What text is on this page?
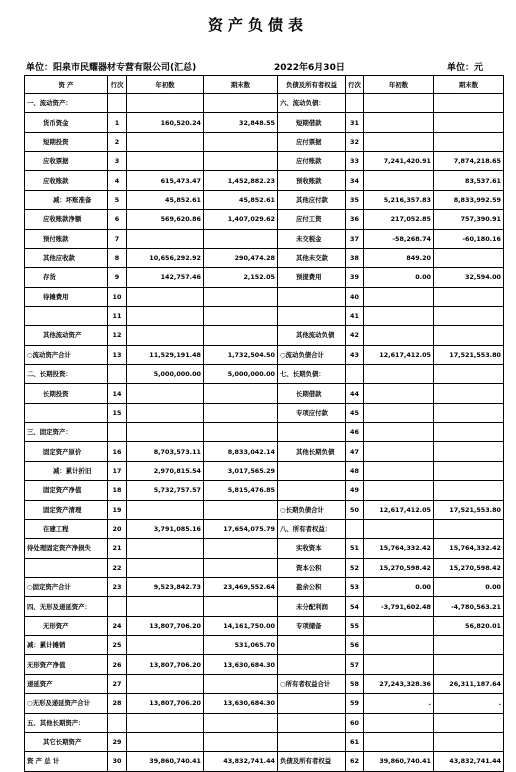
资产负债表
单位：阳泉市民耀器材专营有限公司(汇总)	2022年6月30日	单位：元
资 产	行次	年初数	期末数	负债及所有者权益	行次	年初数	期末数
一、流动资产：				六、流动负债：			
货币资金	1	160,520.24	32,848.55	短期借款	31		
短期投资	2			应付票据	32		
应收票据	3			应付账款	33	7,241,420.91	7,874,218.65
应收账款	4	615,473.47	1,452,882.23	预收账款	34		83,537.61
减：坏账准备	5	45,852.61	45,852.61	其他应付款	35	5,216,357.83	8,833,992.59
应收账款净额	6	569,620.86	1,407,029.62	应付工资	36	217,052.85	757,390.91
预付账款	7			未交税金	37	-58,268.74	-60,180.16
其他应收款	8	10,656,292.92	290,474.28	其他未交款	38	849.20	
存货	9	142,757.46	2,152.05	预提费用	39	0.00	32,594.00
待摊费用	10				40		
	11				41		
其他流动资产	12			其他流动负债	42		
○流动资产合计	13	11,529,191.48	1,732,504.50	○流动负债合计	43	12,617,412.05	17,521,553.80
二、长期投资：		5,000,000.00	5,000,000.00	七、长期负债：			
长期投资	14			长期借款	44		
	15			专项应付款	45		
三、固定资产：					46		
固定资产原价	16	8,703,573.11	8,833,042.14	其他长期负债	47		
减：累计折旧	17	2,970,815.54	3,017,565.29		48		
固定资产净值	18	5,732,757.57	5,815,476.85		49		
固定资产清理	19			○长期负债合计	50	12,617,412.05	17,521,553.80
在建工程	20	3,791,085.16	17,654,075.79	八、所有者权益：			
待处理固定资产净损失	21			实收资本	51	15,764,332.42	15,764,332.42
	22			资本公积	52	15,270,598.42	15,270,598.42
○固定资产合计	23	9,523,842.73	23,469,552.64	盈余公积	53	0.00	0.00
四、无形及递延资产：				未分配利润	54	-3,791,602.48	-4,780,563.21
无形资产	24	13,807,706.20	14,161,750.00	专项储备	55		56,820.01
减：累计摊销	25		531,065.70		56		
无形资产净值	26	13,807,706.20	13,630,684.30		57		
递延资产	27			○所有者权益合计	58	27,243,328.36	26,311,187.64
○无形及递延资产合计	28	13,807,706.20	13,630,684.30		59	.	.
五、其他长期资产：					60		
其它长期资产	29				61		
资 产 总 计	30	39,860,740.41	43,832,741.44	负债及所有者权益	62	39,860,740.41	43,832,741.44
